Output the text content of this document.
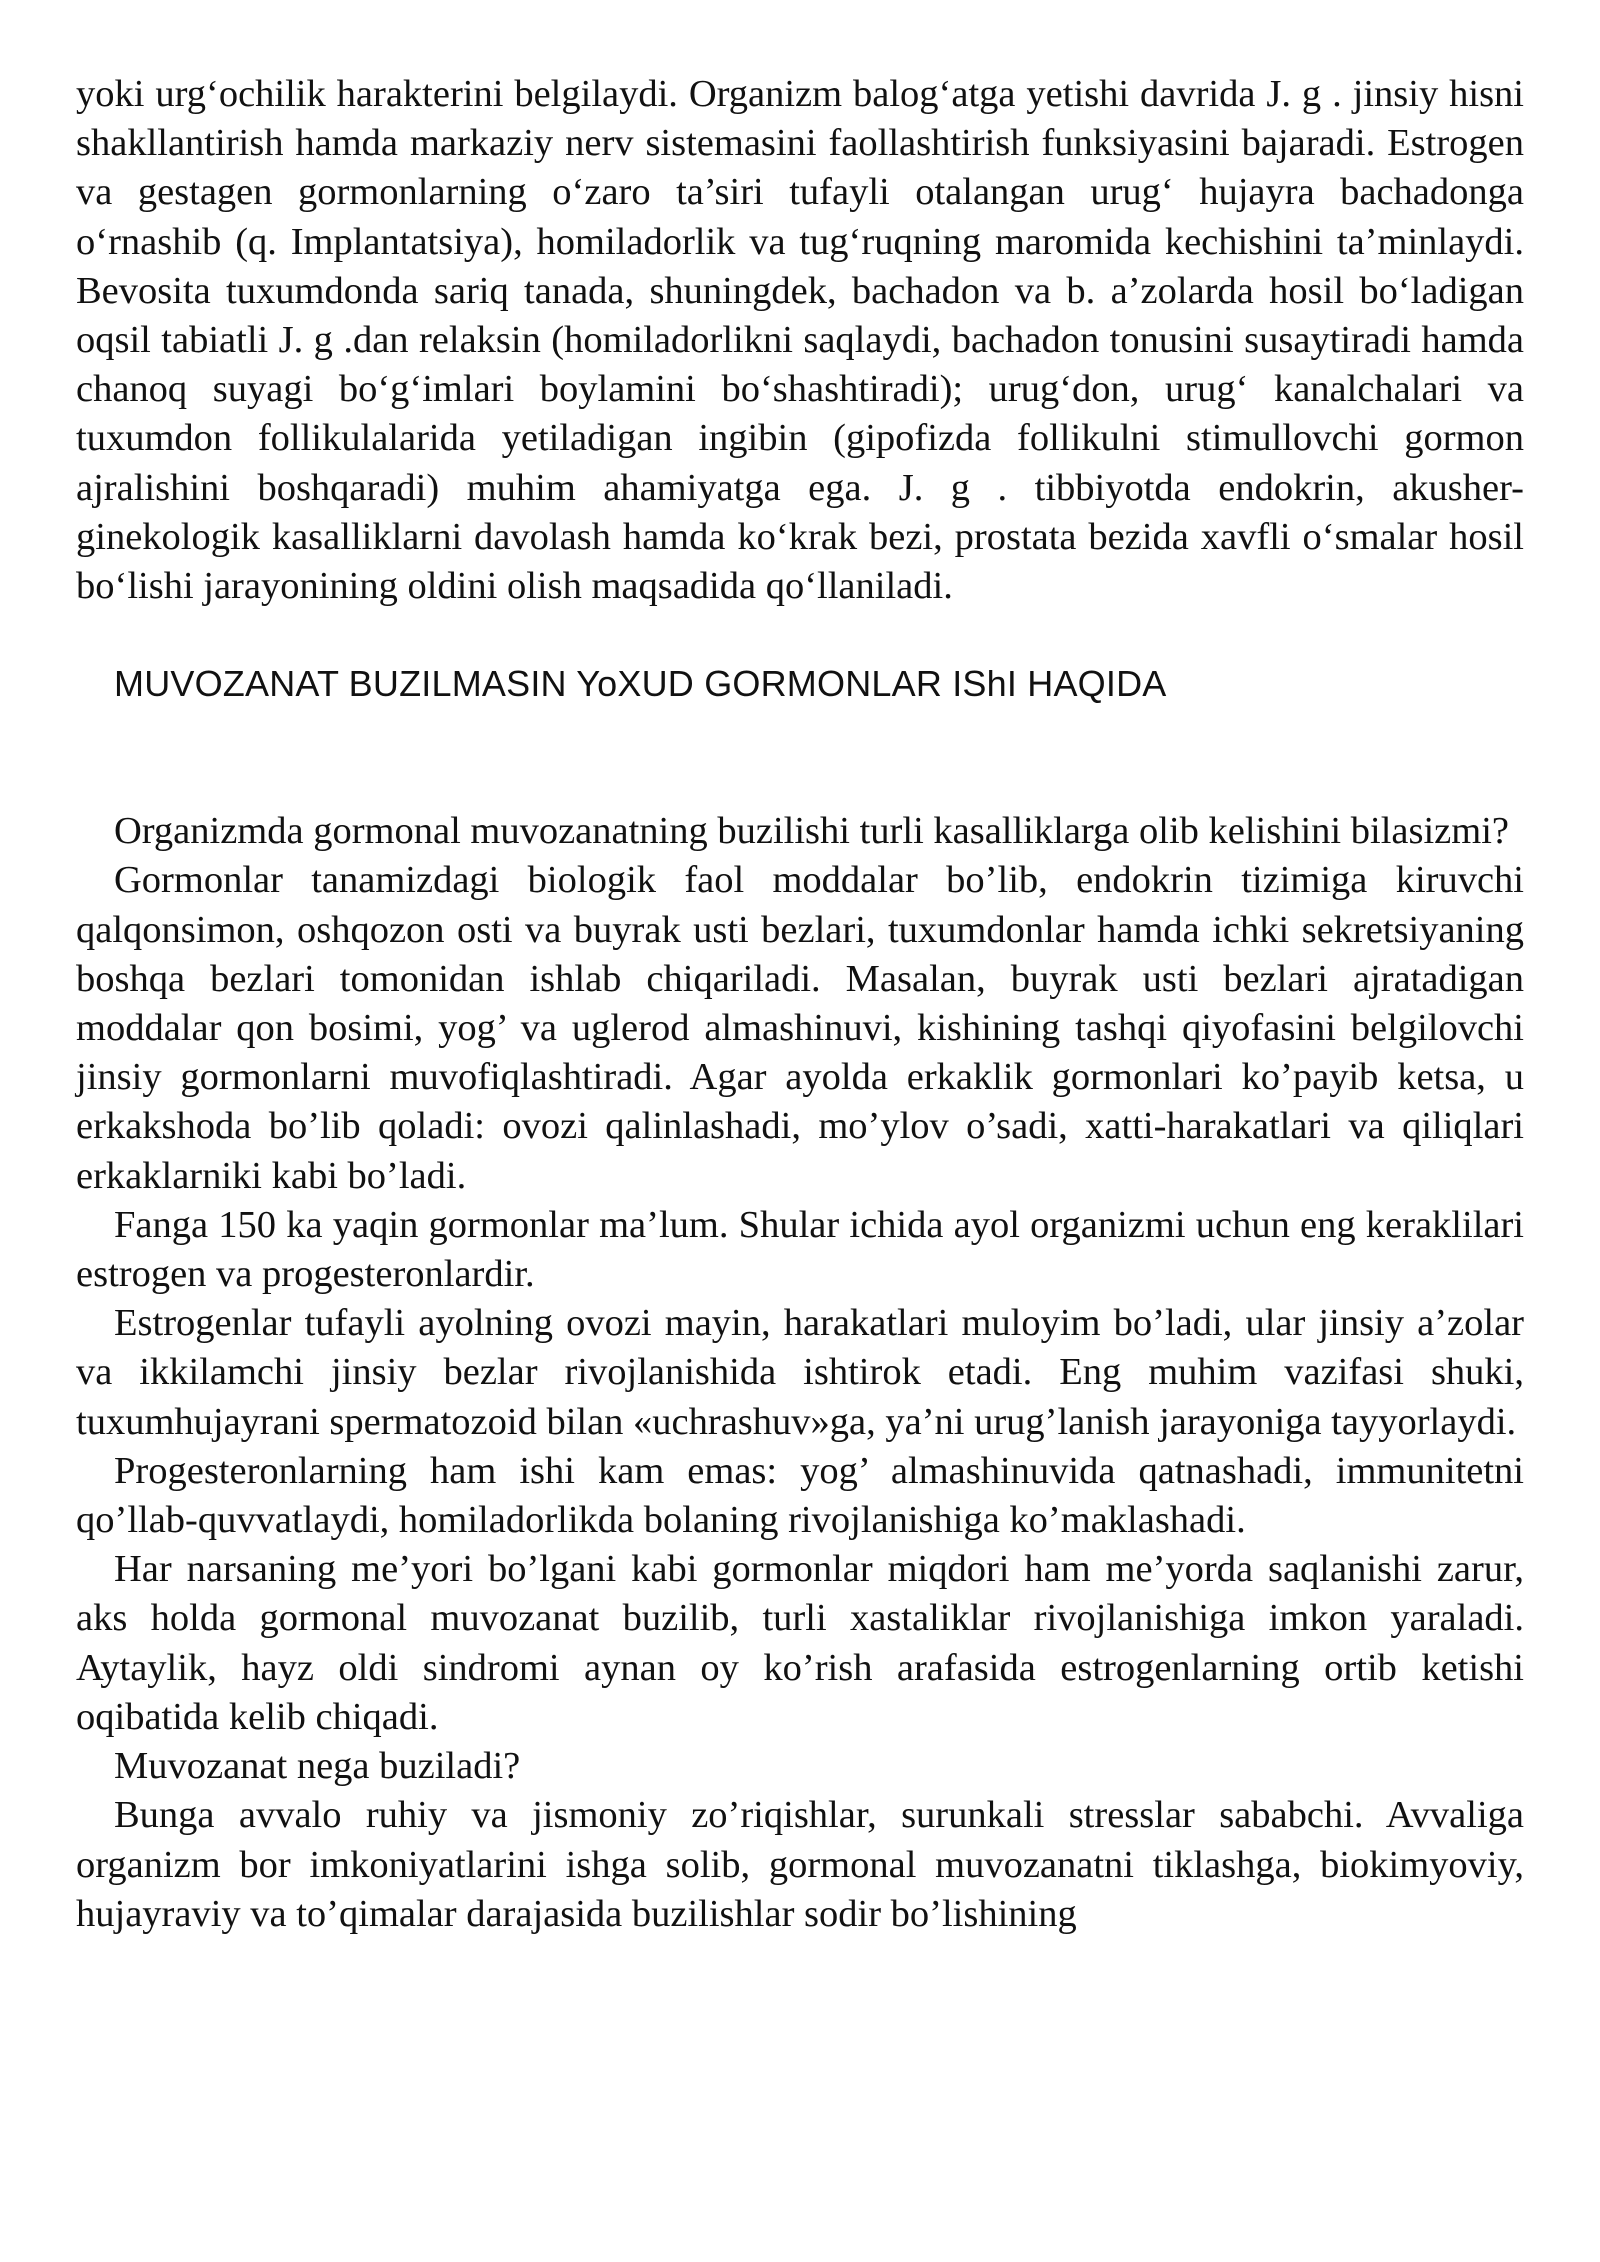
yoki urg‘ochilik harakterini belgilaydi. Organizm balog‘atga yetishi davrida J. g . jinsiy hisni shakllantirish hamda markaziy nerv sistemasini faollashtirish funksiyasini bajaradi. Estrogen va gestagen gormonlarning o‘zaro ta’siri tufayli otalangan urug‘ hujayra bachadonga o‘rnashib (q. Implantatsiya), homiladorlik va tug‘ruqning maromida kechishini ta’minlaydi. Bevosita tuxumdonda sariq tanada, shuningdek, bachadon va b. a’zolarda hosil bo‘ladigan oqsil tabiatli J. g .dan relaksin (homiladorlikni saqlaydi, bachadon tonusini susaytiradi hamda chanoq suyagi bo‘g‘imlari boylamini bo‘shashtiradi); urug‘don, urug‘ kanalchalari va tuxumdon follikulalarida yetiladigan ingibin (gipofizda follikulni stimullovchi gormon ajralishini boshqaradi) muhim ahamiyatga ega. J. g . tibbiyotda endokrin, akusher-ginekologik kasalliklarni davolash hamda ko‘krak bezi, prostata bezida xavfli o‘smalar hosil bo‘lishi jarayonining oldini olish maqsadida qo‘llaniladi.

MUVOZANAT BUZILMASIN YoXUD GORMONLAR IShI HAQIDA

Organizmda gormonal muvozanatning buzilishi turli kasalliklarga olib kelishini bilasizmi?

Gormonlar tanamizdagi biologik faol moddalar bo’lib, endokrin tizimiga kiruvchi qalqonsimon, oshqozon osti va buyrak usti bezlari, tuxumdonlar hamda ichki sekretsiyaning boshqa bezlari tomonidan ishlab chiqariladi. Masalan, buyrak usti bezlari ajratadigan moddalar qon bosimi, yog’ va uglerod almashinuvi, kishining tashqi qiyofasini belgilovchi jinsiy gormonlarni muvofiqlashtiradi. Agar ayolda erkaklik gormonlari ko’payib ketsa, u erkakshoda bo’lib qoladi: ovozi qalinlashadi, mo’ylov o’sadi, xatti-harakatlari va qiliqlari erkaklarniki kabi bo’ladi.

Fanga 150 ka yaqin gormonlar ma’lum. Shular ichida ayol organizmi uchun eng keraklilari estrogen va progesteronlardir.

Estrogenlar tufayli ayolning ovozi mayin, harakatlari muloyim bo’ladi, ular jinsiy a’zolar va ikkilamchi jinsiy bezlar rivojlanishida ishtirok etadi. Eng muhim vazifasi shuki, tuxumhujayrani spermatozoid bilan «uchrashuv»ga, ya’ni urug’lanish jarayoniga tayyorlaydi.

Progesteronlarning ham ishi kam emas: yog’ almashinuvida qatnashadi, immunitetni qo’llab-quvvatlaydi, homiladorlikda bolaning rivojlanishiga ko’maklashadi.

Har narsaning me’yori bo’lgani kabi gormonlar miqdori ham me’yorda saqlanishi zarur, aks holda gormonal muvozanat buzilib, turli xastaliklar rivojlanishiga imkon yaraladi. Aytaylik, hayz oldi sindromi aynan oy ko’rish arafasida estrogenlarning ortib ketishi oqibatida kelib chiqadi.

Muvozanat nega buziladi?

Bunga avvalo ruhiy va jismoniy zo’riqishlar, surunkali stresslar sababchi. Avvaliga organizm bor imkoniyatlarini ishga solib, gormonal muvozanatni tiklashga, biokimyoviy, hujayraviy va to’qimalar darajasida buzilishlar sodir bo’lishining
